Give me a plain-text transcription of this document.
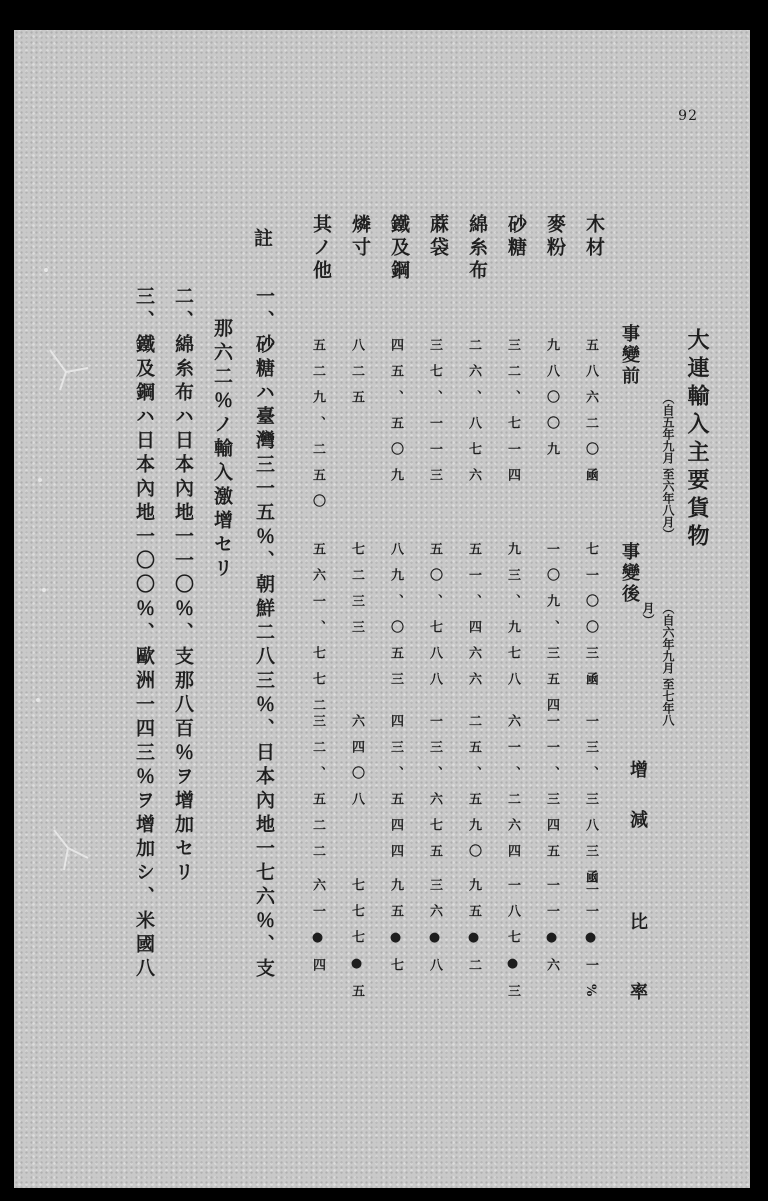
92
大連輸入主要貨物
事變前
（自五年九月 至六年八月）
事變後
（自六年九月 至七年八月）
增減
比率
木材
五八六二〇凾
七一〇〇三凾
一三、三八三凾
二一●一%
麥粉
九八〇〇九
一〇九、三五四
一一、三四五
一一●六
砂糖
三二、七一四
九三、九七八
六一、二六四
一八七●三
綿糸布
二六、八七六
五一、四六六
二五、五九〇
九五●二
蔴袋
三七、一一三
五〇、七八八
一三、六七五
三六●八
鐵及鋼
四五、五〇九
八九、〇五三
四三、五四四
九五●七
燐寸
八二五
七二三三
六四〇八
七七七●五
其ノ他
五二九、二五〇
五六一、七七二
三二、五二二
六一●四
註
一、砂糖ハ臺灣三一五％、朝鮮二八三％、日本內地一七六％、支
那六二％ノ輸入激增セリ
二、綿糸布ハ日本內地一一〇％、支那八百％ヲ增加セリ
三、鐵及鋼ハ日本內地一〇〇％、歐洲一四三％ヲ增加シ、米國八
